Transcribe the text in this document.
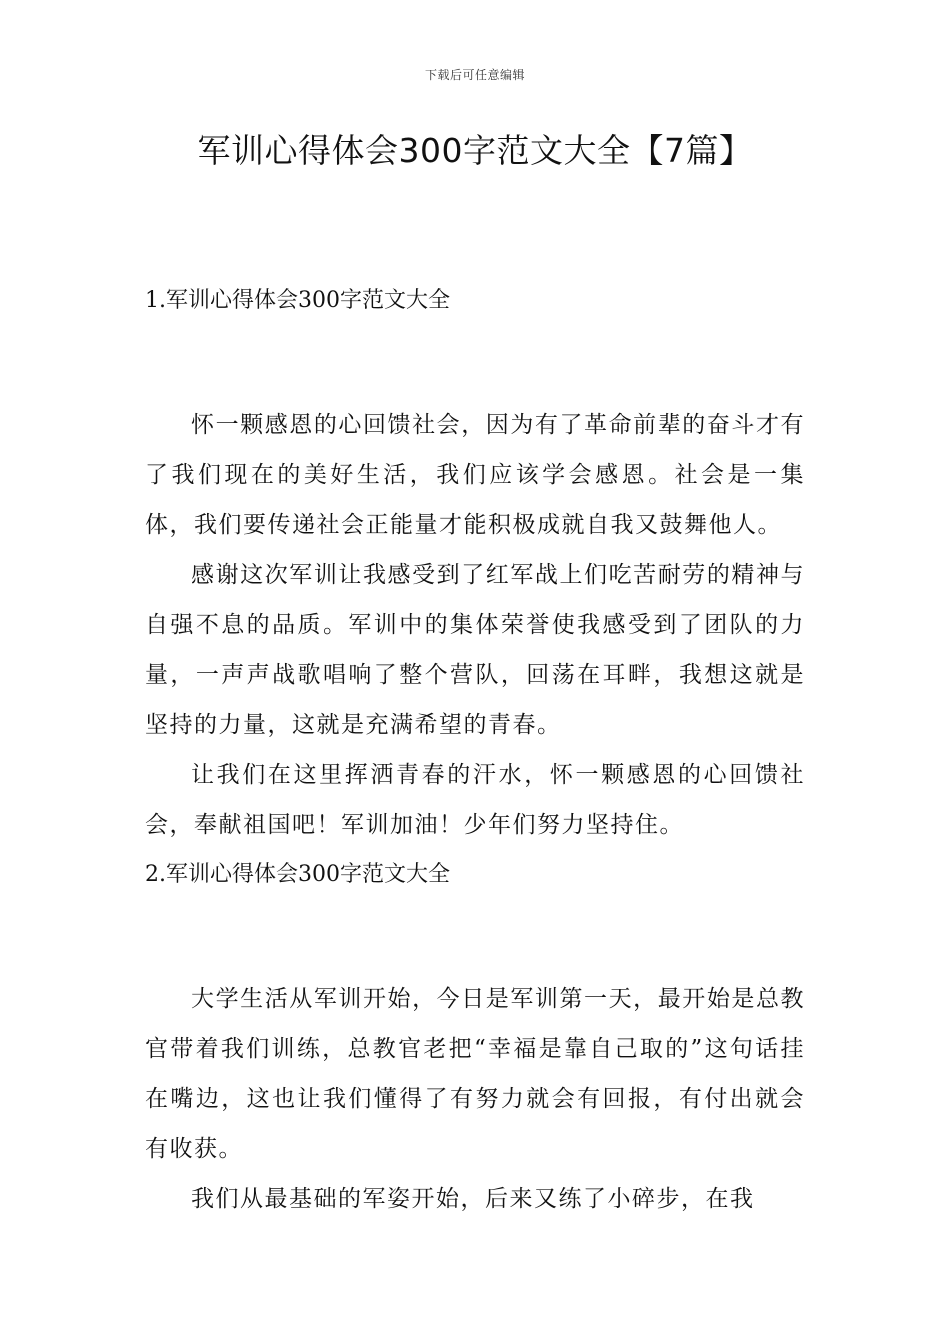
下载后可任意编辑
军训心得体会300字范文大全【7篇】
1.军训心得体会300字范文大全

怀一颗感恩的心回馈社会，因为有了革命前辈的奋斗才有了我们现在的美好生活，我们应该学会感恩。社会是一集体，我们要传递社会正能量才能积极成就自我又鼓舞他人。

感谢这次军训让我感受到了红军战上们吃苦耐劳的精神与自强不息的品质。军训中的集体荣誉使我感受到了团队的力量，一声声战歌唱响了整个营队，回荡在耳畔，我想这就是坚持的力量，这就是充满希望的青春。

让我们在这里挥洒青春的汗水，怀一颗感恩的心回馈社会，奉献祖国吧！军训加油！少年们努力坚持住。

2.军训心得体会300字范文大全

大学生活从军训开始，今日是军训第一天，最开始是总教官带着我们训练，总教官老把“幸福是靠自己取的”这句话挂在嘴边，这也让我们懂得了有努力就会有回报，有付出就会有收获。

我们从最基础的军姿开始，后来又练了小碎步，在我
